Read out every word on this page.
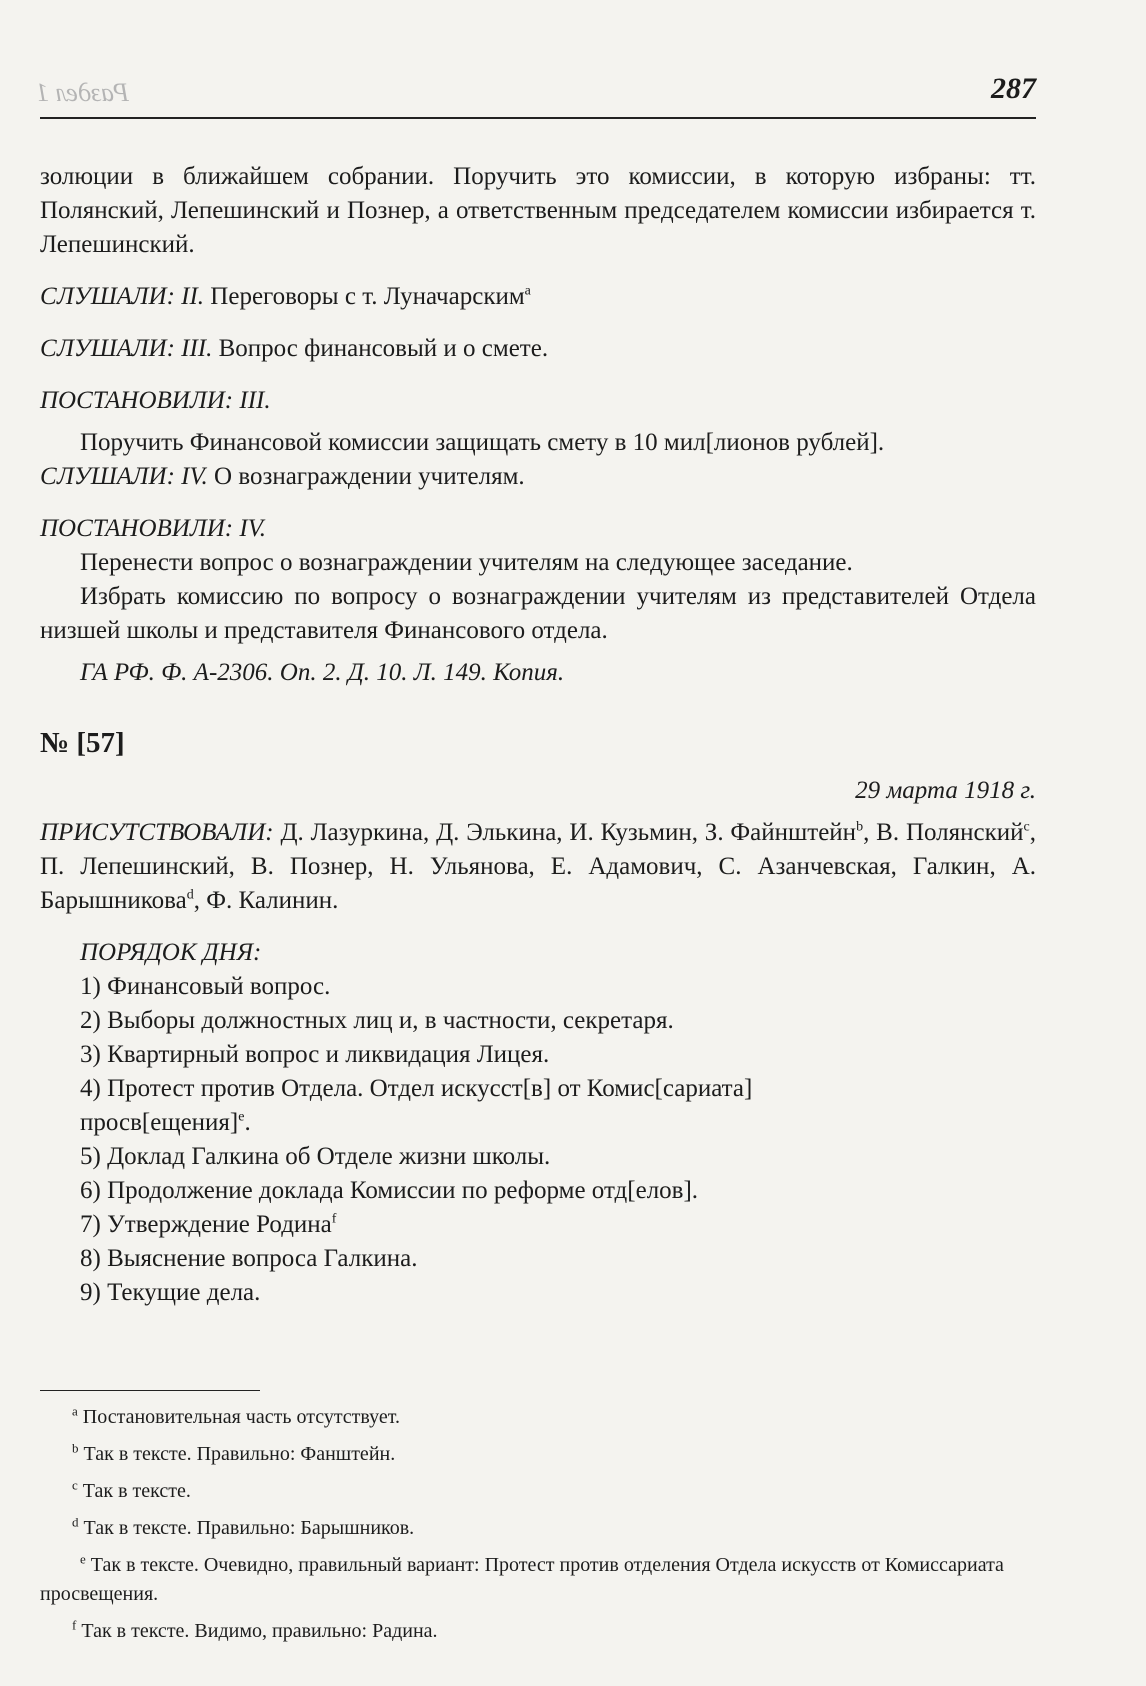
Раздел 1	287

золюции в ближайшем собрании. Поручить это комиссии, в которую избраны: тт. Полянский, Лепешинский и Познер, а ответственным председателем комиссии избирается т. Лепешинский.

СЛУШАЛИ: II. Переговоры с т. Луначарским$^a$

СЛУШАЛИ: III. Вопрос финансовый и о смете.

ПОСТАНОВИЛИ: III.

Поручить Финансовой комиссии защищать смету в 10 мил[лионов рублей].

СЛУШАЛИ: IV. О вознаграждении учителям.

ПОСТАНОВИЛИ: IV.

Перенести вопрос о вознаграждении учителям на следующее заседание.

Избрать комиссию по вопросу о вознаграждении учителям из представителей Отдела низшей школы и представителя Финансового отдела.

ГА РФ. Ф. А-2306. Оп. 2. Д. 10. Л. 149. Копия.

№ [57]

29 марта 1918 г.

ПРИСУТСТВОВАЛИ: Д. Лазуркина, Д. Элькина, И. Кузьмин, З. Файнштейн$^b$, В. Полянский$^c$, П. Лепешинский, В. Познер, Н. Ульянова, Е. Адамович, С. Азанчевская, Галкин, А. Барышникова$^d$, Ф. Калинин.

ПОРЯДОК ДНЯ:

1) Финансовый вопрос.

2) Выборы должностных лиц и, в частности, секретаря.

3) Квартирный вопрос и ликвидация Лицея.

4) Протест против Отдела. Отдел искусст[в] от Комис[сариата] просв[ещения]$^e$.

5) Доклад Галкина об Отделе жизни школы.

6) Продолжение доклада Комиссии по реформе отд[елов].

7) Утверждение Родина$^f$

8) Выяснение вопроса Галкина.

9) Текущие дела.

$^a$ Постановительная часть отсутствует.

$^b$ Так в тексте. Правильно: Фанштейн.

$^c$ Так в тексте.

$^d$ Так в тексте. Правильно: Барышников.

$^e$ Так в тексте. Очевидно, правильный вариант: Протест против отделения Отдела искусств от Комиссариата просвещения.

$^f$ Так в тексте. Видимо, правильно: Радина.
